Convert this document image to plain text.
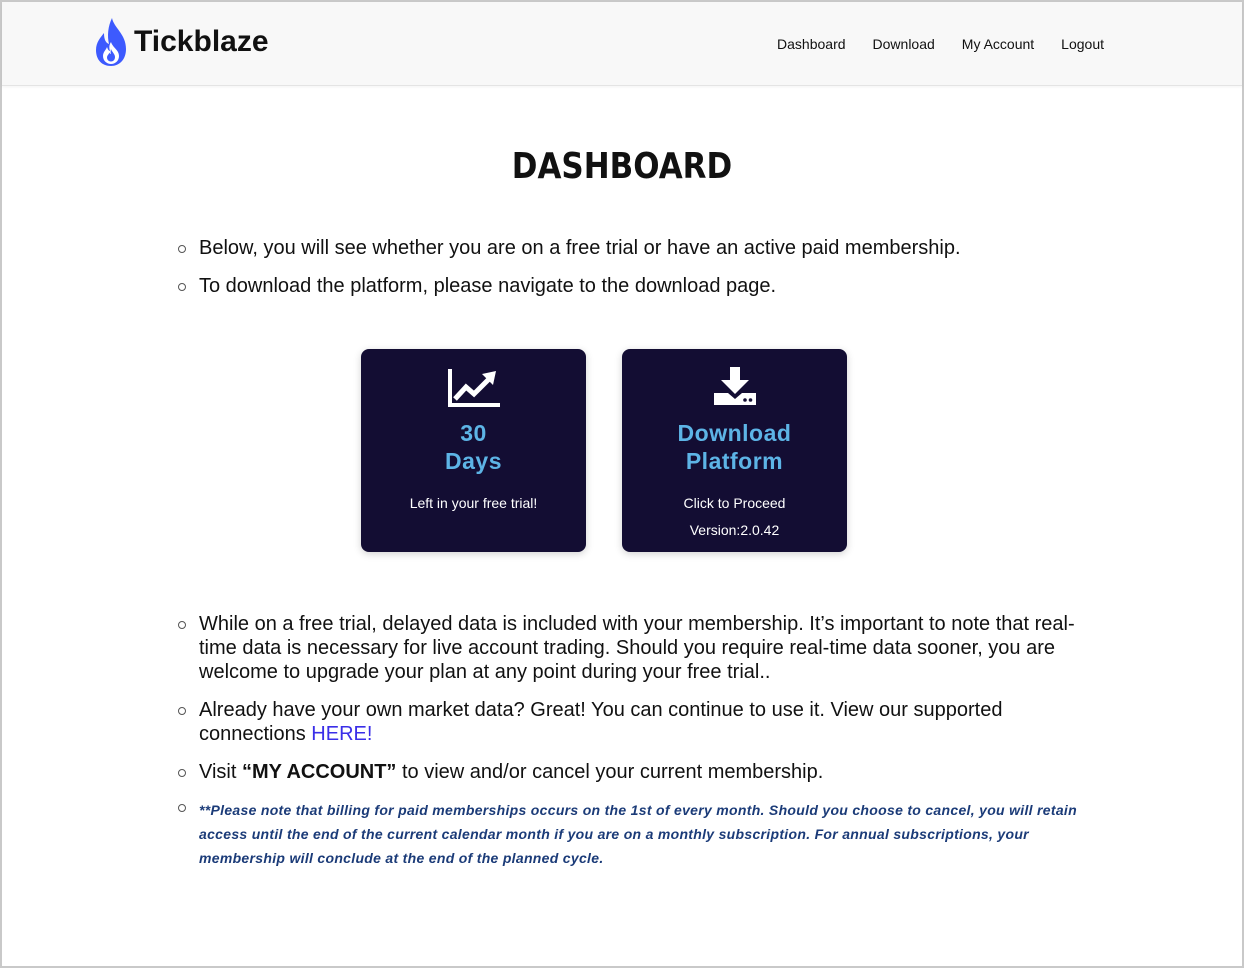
Tickblaze	Dashboard Download My Account Logout
DASHBOARD
Below, you will see whether you are on a free trial or have an active paid membership.
To download the platform, please navigate to the download page.
30
Days
Left in your free trial!
Download
Platform
Click to Proceed
Version:2.0.42
While on a free trial, delayed data is included with your membership. It’s important to note that real-time data is necessary for live account trading. Should you require real-time data sooner, you are welcome to upgrade your plan at any point during your free trial..
Already have your own market data? Great! You can continue to use it. View our supported connections HERE!
Visit “MY ACCOUNT” to view and/or cancel your current membership.
**Please note that billing for paid memberships occurs on the 1st of every month. Should you choose to cancel, you will retain access until the end of the current calendar month if you are on a monthly subscription. For annual subscriptions, your membership will conclude at the end of the planned cycle.
